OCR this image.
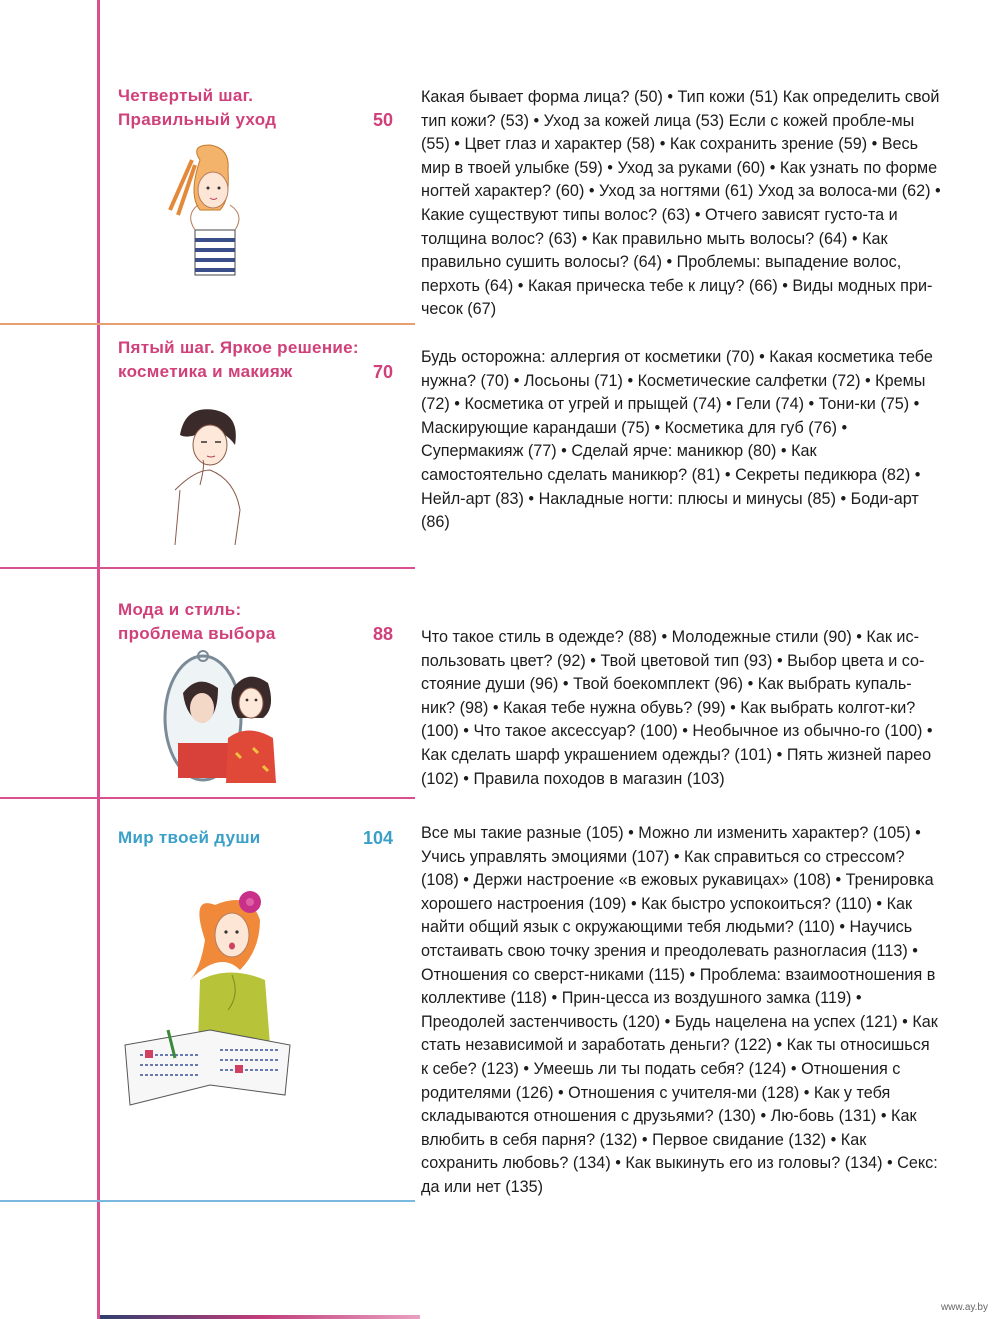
Четвертый шаг.
Правильный уход	50
Какая бывает форма лица? (50) • Тип кожи (51) Как определить свой тип кожи? (53) • Уход за кожей лица (53) Если с кожей пробле-мы (55) • Цвет глаз и характер (58) • Как сохранить зрение (59) • Весь мир в твоей улыбке (59) • Уход за руками (60) • Как узнать по форме ногтей характер? (60) • Уход за ногтями (61) Уход за волоса-ми (62) • Какие существуют типы волос? (63) • Отчего зависят густо-та и толщина волос? (63) • Как правильно мыть волосы? (64) • Как правильно сушить волосы? (64) • Проблемы: выпадение волос, перхоть (64) • Какая прическа тебе к лицу? (66) • Виды модных при-чесок (67)
Пятый шаг. Яркое решение:
косметика и макияж	70
Будь осторожна: аллергия от косметики (70) • Какая косметика тебе нужна? (70) • Лосьоны (71) • Косметические салфетки (72) • Кремы (72) • Косметика от угрей и прыщей (74) • Гели (74) • Тони-ки (75) • Маскирующие карандаши (75) • Косметика для губ (76) • Супермакияж (77) • Сделай ярче: маникюр (80) • Как самостоятельно сделать маникюр? (81) • Секреты педикюра (82) • Нейл-арт (83) • Накладные ногти: плюсы и минусы (85) • Боди-арт (86)
Мода и стиль:
проблема выбора	88 Что такое стиль в одежде? (88) • Молодежные стили (90) • Как ис-пользовать цвет? (92) • Твой цветовой тип (93) • Выбор цвета и со-стояние души (96) • Твой боекомплект (96) • Как выбрать купаль-ник? (98) • Какая тебе нужна обувь? (99) • Как выбрать колгот-ки? (100) • Что такое аксессуар? (100) • Необычное из обычно-го (100) • Как сделать шарф украшением одежды? (101) • Пять жизней парео (102) • Правила походов в магазин (103)
Мир твоей души	104 Все мы такие разные (105) • Можно ли изменить характер? (105) • Учись управлять эмоциями (107) • Как справиться со стрессом? (108) • Держи настроение «в ежовых рукавицах» (108) • Тренировка хорошего настроения (109) • Как быстро успокоиться? (110) • Как найти общий язык с окружающими тебя людьми? (110) • Научись отстаивать свою точку зрения и преодолевать разногласия (113) • Отношения со сверст-никами (115) • Проблема: взаимоотношения в коллективе (118) • Прин-цесса из воздушного замка (119) • Преодолей застенчивость (120) • Будь нацелена на успех (121) • Как стать независимой и заработать деньги? (122) • Как ты относишься к себе? (123) • Умеешь ли ты подать себя? (124) • Отношения с родителями (126) • Отношения с учителя-ми (128) • Как у тебя складываются отношения с друзьями? (130) • Лю-бовь (131) • Как влюбить в себя парня? (132) • Первое свидание (132) • Как сохранить любовь? (134) • Как выкинуть его из головы? (134) • Секс: да или нет (135)
www.ay.by
